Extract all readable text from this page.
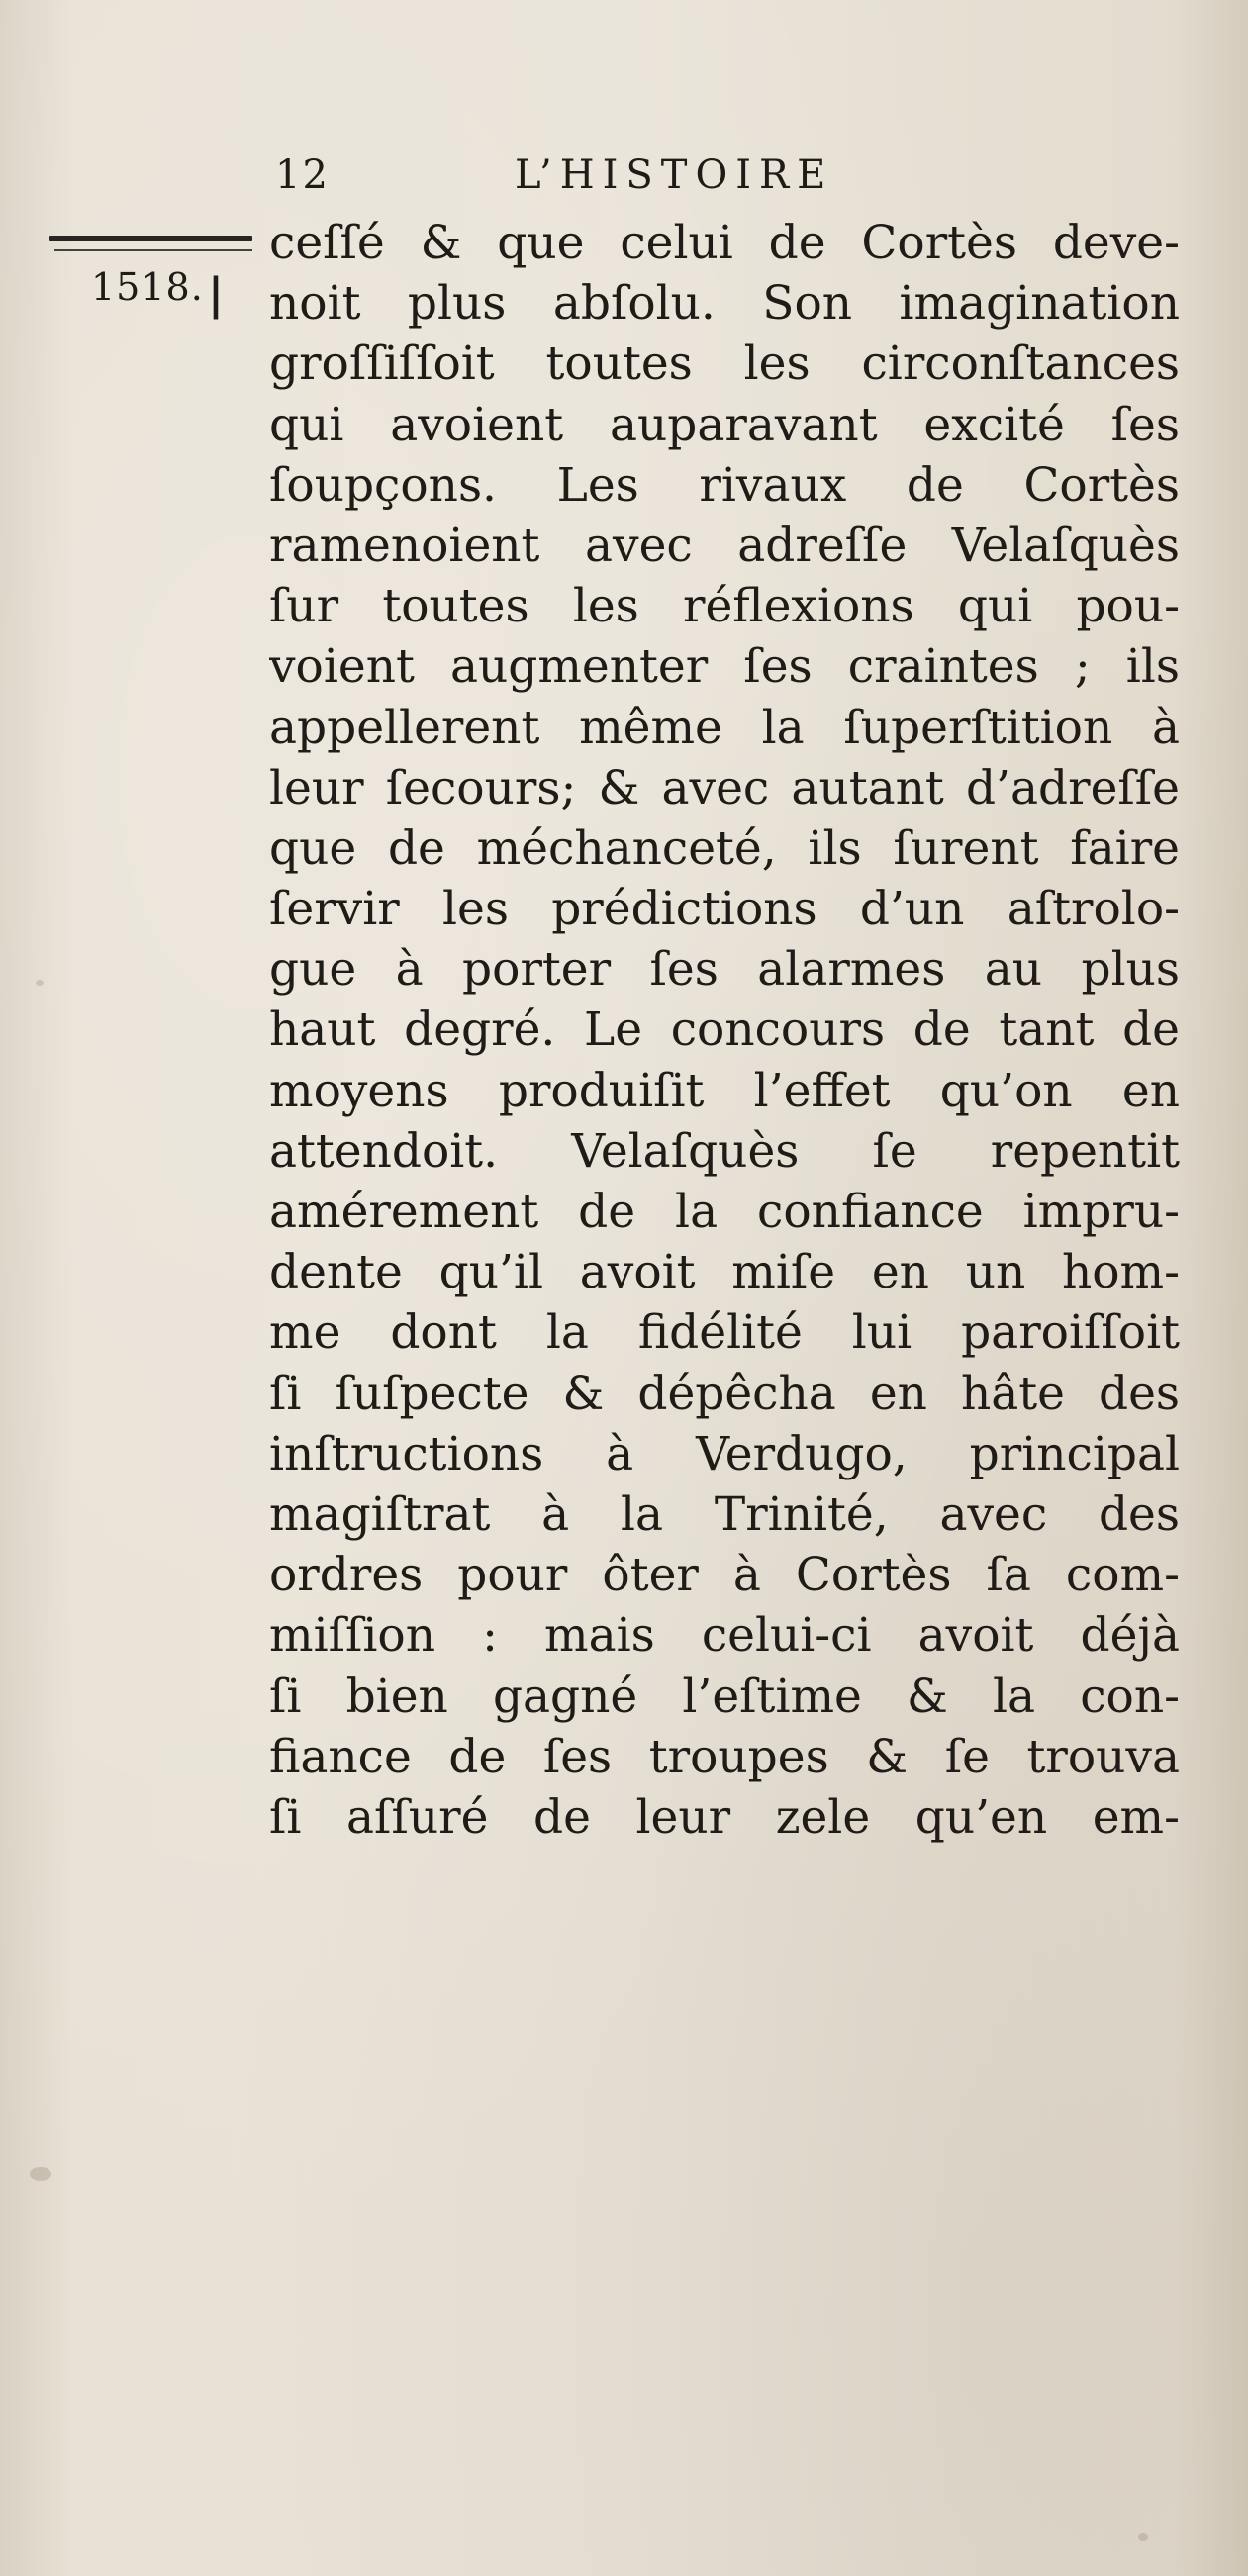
12	L’HISTOIRE
1518. |
ceſſé & que celui de Cortès deve-
noit plus abſolu. Son imagination
groſſiſſoit toutes les circonſtances
qui avoient auparavant excité ſes
ſoupçons. Les rivaux de Cortès
ramenoient avec adreſſe Velaſquès
ſur toutes les réflexions qui pou-
voient augmenter ſes craintes ; ils
appellerent même la ſuperſtition à
leur ſecours; & avec autant d’adreſſe
que de méchanceté, ils ſurent faire
ſervir les prédictions d’un aſtrolo-
gue à porter ſes alarmes au plus
haut degré. Le concours de tant de
moyens produiſit l’effet qu’on en
attendoit. Velaſquès ſe repentit
amérement de la confiance impru-
dente qu’il avoit miſe en un hom-
me dont la fidélité lui paroiſſoit
ſi ſuſpecte & dépêcha en hâte des
inſtructions à Verdugo, principal
magiſtrat à la Trinité, avec des
ordres pour ôter à Cortès ſa com-
miſſion : mais celui-ci avoit déjà
ſi bien gagné l’eſtime & la con-
fiance de ſes troupes & ſe trouva
ſi aſſuré de leur zele qu’en em-
